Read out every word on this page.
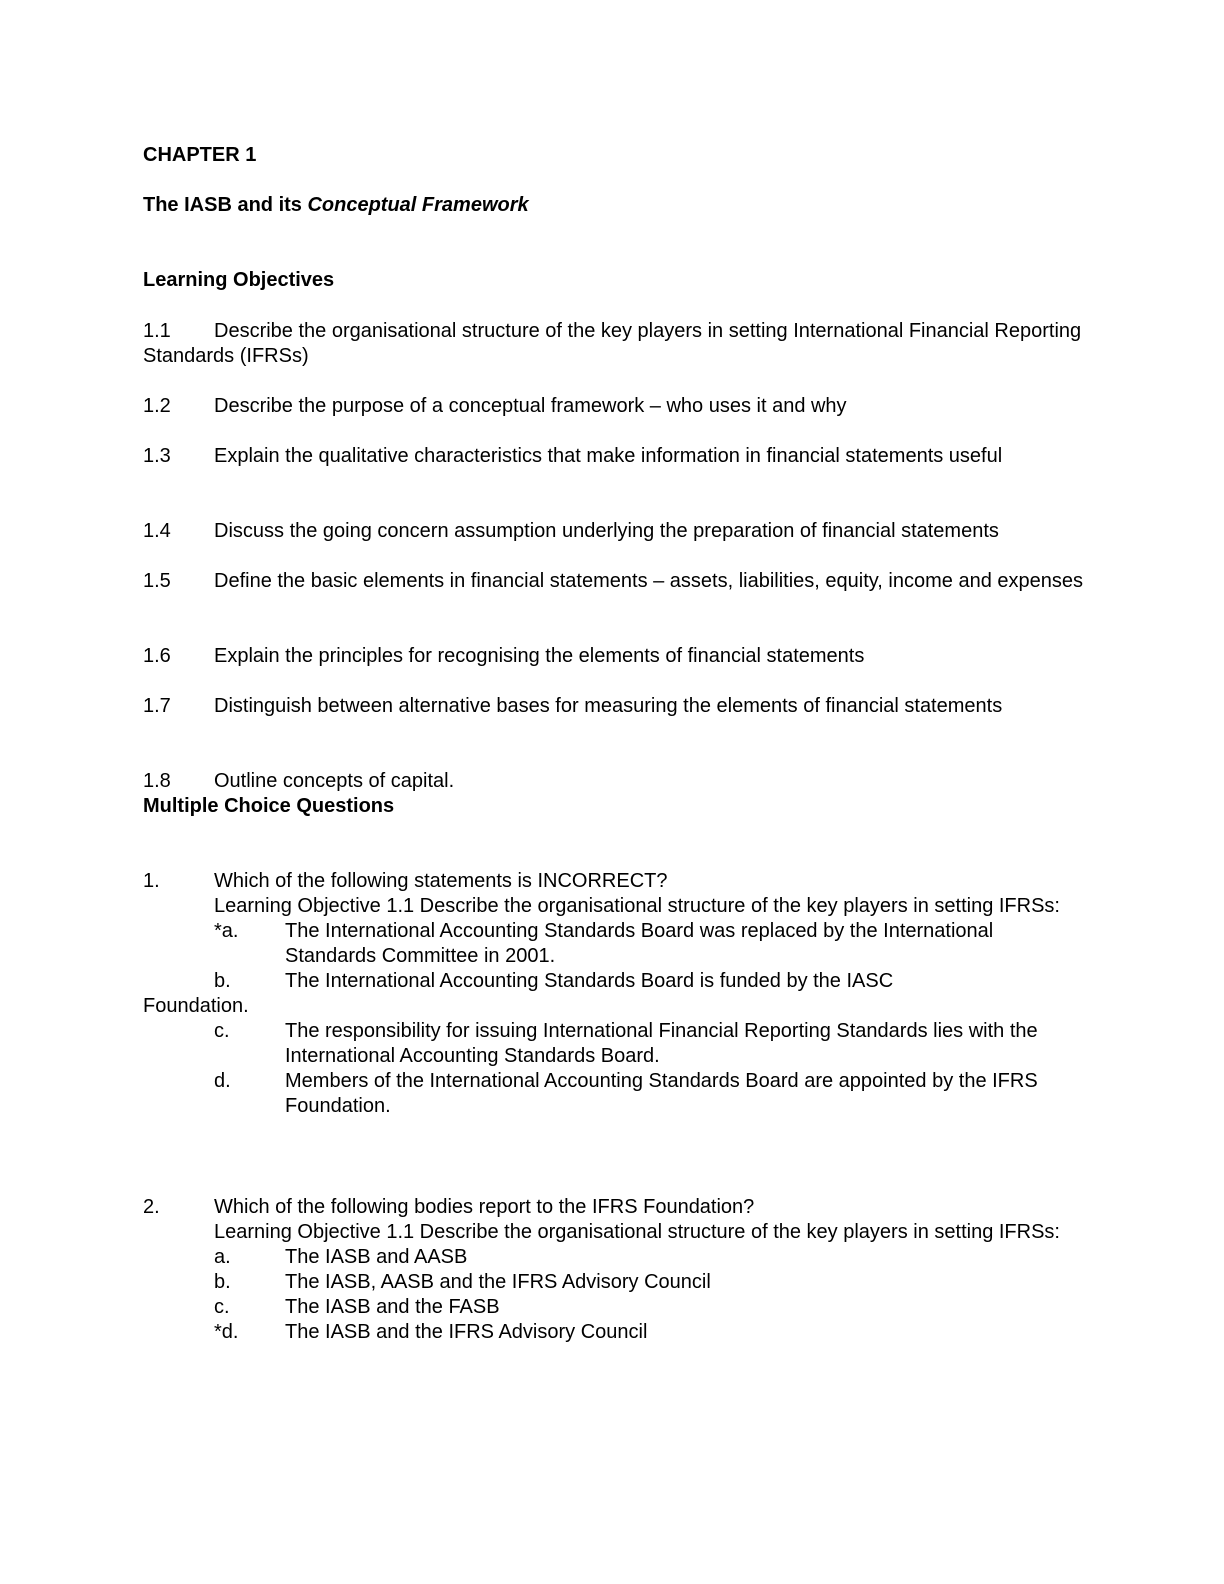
CHAPTER 1
The IASB and its Conceptual Framework
Learning Objectives
1.1 Describe the organisational structure of the key players in setting International Financial Reporting Standards (IFRSs)
1.2 Describe the purpose of a conceptual framework – who uses it and why
1.3 Explain the qualitative characteristics that make information in financial statements useful
1.4 Discuss the going concern assumption underlying the preparation of financial statements
1.5 Define the basic elements in financial statements – assets, liabilities, equity, income and expenses
1.6 Explain the principles for recognising the elements of financial statements
1.7 Distinguish between alternative bases for measuring the elements of financial statements
1.8 Outline concepts of capital.
Multiple Choice Questions
1.	Which of the following statements is INCORRECT?
Learning Objective 1.1 Describe the organisational structure of the key players in setting IFRSs:
*a. The International Accounting Standards Board was replaced by the International Standards Committee in 2001.
b.	The International Accounting Standards Board is funded by the IASC
Foundation.
c.	The responsibility for issuing International Financial Reporting Standards lies with the International Accounting Standards Board.
d.	Members of the International Accounting Standards Board are appointed by the IFRS Foundation.
2.	Which of the following bodies report to the IFRS Foundation?
Learning Objective 1.1 Describe the organisational structure of the key players in setting IFRSs:
a.	The IASB and AASB
b.	The IASB, AASB and the IFRS Advisory Council
c.	The IASB and the FASB
*d. The IASB and the IFRS Advisory Council
